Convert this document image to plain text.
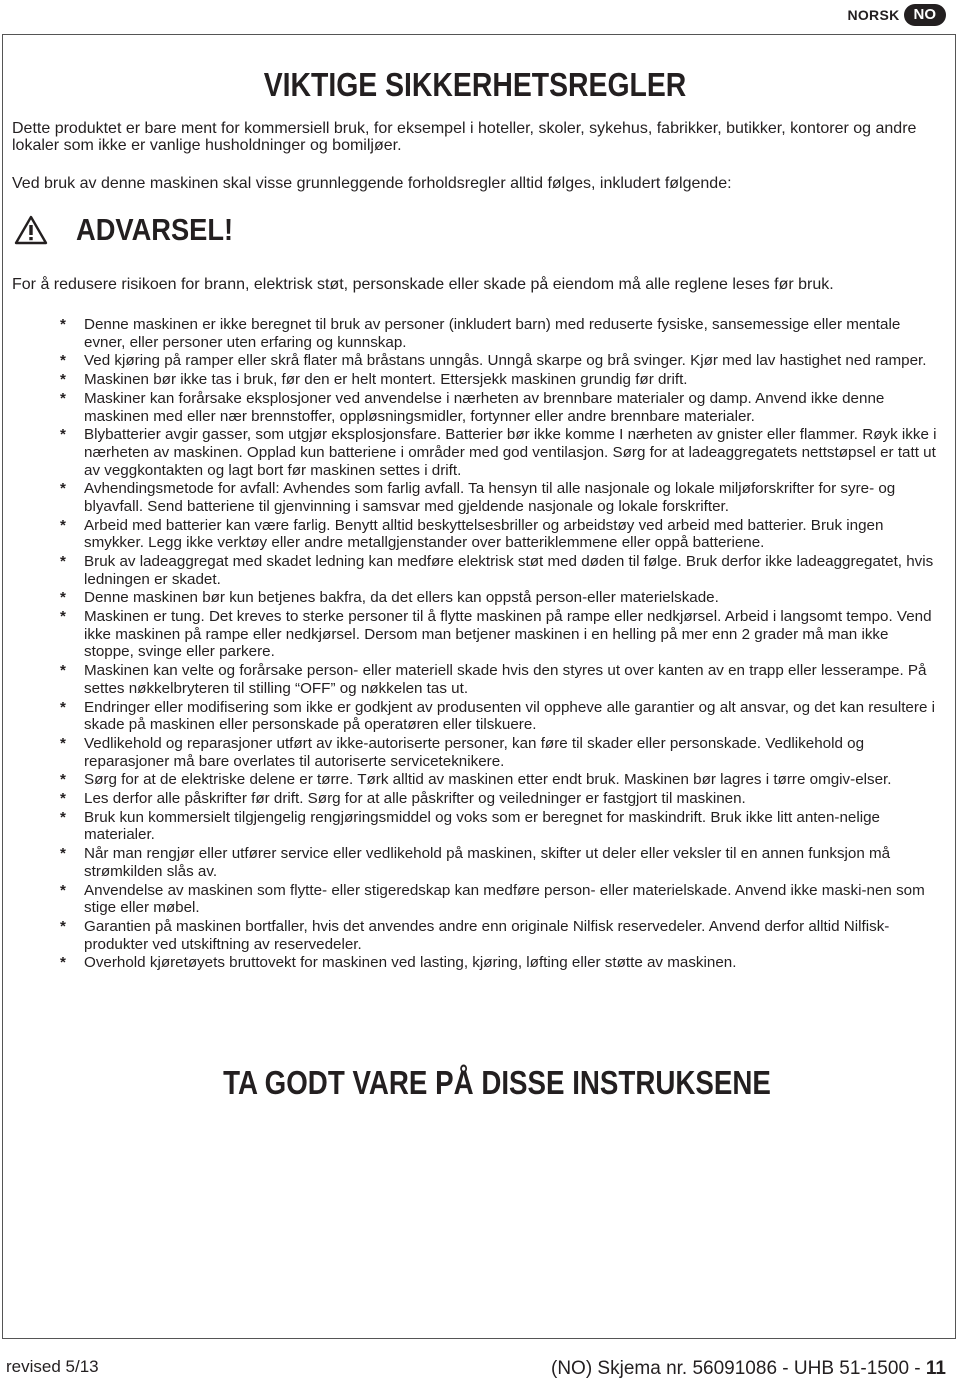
NORSK NO
VIKTIGE SIKKERHETSREGLER

Dette produktet er bare ment for kommersiell bruk, for eksempel i hoteller, skoler, sykehus, fabrikker, butikker, kontorer og andre lokaler som ikke er vanlige husholdninger og bomiljøer.

Ved bruk av denne maskinen skal visse grunnleggende forholdsregler alltid følges, inkludert følgende:

ADVARSEL!

For å redusere risikoen for brann, elektrisk støt, personskade eller skade på eiendom må alle reglene leses før bruk.

* Denne maskinen er ikke beregnet til bruk av personer (inkludert barn) med reduserte fysiske, sansemessige eller mentale evner, eller personer uten erfaring og kunnskap.
* Ved kjøring på ramper eller skrå flater må bråstans unngås. Unngå skarpe og brå svinger. Kjør med lav hastighet ned ramper.
* Maskinen bør ikke tas i bruk, før den er helt montert. Ettersjekk maskinen grundig før drift.
* Maskiner kan forårsake eksplosjoner ved anvendelse i nærheten av brennbare materialer og damp. Anvend ikke denne maskinen med eller nær brennstoffer, oppløsningsmidler, fortynner eller andre brennbare materialer.
* Blybatterier avgir gasser, som utgjør eksplosjonsfare. Batterier bør ikke komme I nærheten av gnister eller flammer. Røyk ikke i nærheten av maskinen. Opplad kun batteriene i områder med god ventilasjon. Sørg for at ladeaggregatets nettstøpsel er tatt ut av veggkontakten og lagt bort før maskinen settes i drift.
* Avhendingsmetode for avfall: Avhendes som farlig avfall. Ta hensyn til alle nasjonale og lokale miljøforskrifter for syre- og blyavfall. Send batteriene til gjenvinning i samsvar med gjeldende nasjonale og lokale forskrifter.
* Arbeid med batterier kan være farlig. Benytt alltid beskyttelsesbriller og arbeidstøy ved arbeid med batterier. Bruk ingen smykker. Legg ikke verktøy eller andre metallgjenstander over batteriklemmene eller oppå batteriene.
* Bruk av ladeaggregat med skadet ledning kan medføre elektrisk støt med døden til følge. Bruk derfor ikke ladeaggregatet, hvis ledningen er skadet.
* Denne maskinen bør kun betjenes bakfra, da det ellers kan oppstå person-eller materielskade.
* Maskinen er tung. Det kreves to sterke personer til å flytte maskinen på rampe eller nedkjørsel. Arbeid i langsomt tempo. Vend ikke maskinen på rampe eller nedkjørsel. Dersom man betjener maskinen i en helling på mer enn 2 grader må man ikke stoppe, svinge eller parkere.
* Maskinen kan velte og forårsake person- eller materiell skade hvis den styres ut over kanten av en trapp eller lesserampe. På settes nøkkelbryteren til stilling “OFF” og nøkkelen tas ut.
* Endringer eller modifisering som ikke er godkjent av produsenten vil oppheve alle garantier og alt ansvar, og det kan resultere i skade på maskinen eller personskade på operatøren eller tilskuere.
* Vedlikehold og reparasjoner utført av ikke-autoriserte personer, kan føre til skader eller personskade. Vedlikehold og reparasjoner må bare overlates til autoriserte serviceteknikere.
* Sørg for at de elektriske delene er tørre. Tørk alltid av maskinen etter endt bruk. Maskinen bør lagres i tørre omgiv-elser.
* Les derfor alle påskrifter før drift. Sørg for at alle påskrifter og veiledninger er fastgjort til maskinen.
* Bruk kun kommersielt tilgjengelig rengjøringsmiddel og voks som er beregnet for maskindrift. Bruk ikke litt anten-nelige materialer.
* Når man rengjør eller utfører service eller vedlikehold på maskinen, skifter ut deler eller veksler til en annen funksjon må strømkilden slås av.
* Anvendelse av maskinen som flytte- eller stigeredskap kan medføre person- eller materielskade. Anvend ikke maski-nen som stige eller møbel.
* Garantien på maskinen bortfaller, hvis det anvendes andre enn originale Nilfisk reservedeler. Anvend derfor alltid Nilfisk-produkter ved utskiftning av reservedeler.
* Overhold kjøretøyets bruttovekt for maskinen ved lasting, kjøring, løfting eller støtte av maskinen.
TA GODT VARE PÅ DISSE INSTRUKSENE
revised 5/13	(NO) Skjema nr. 56091086 - UHB 51-1500 - 11
